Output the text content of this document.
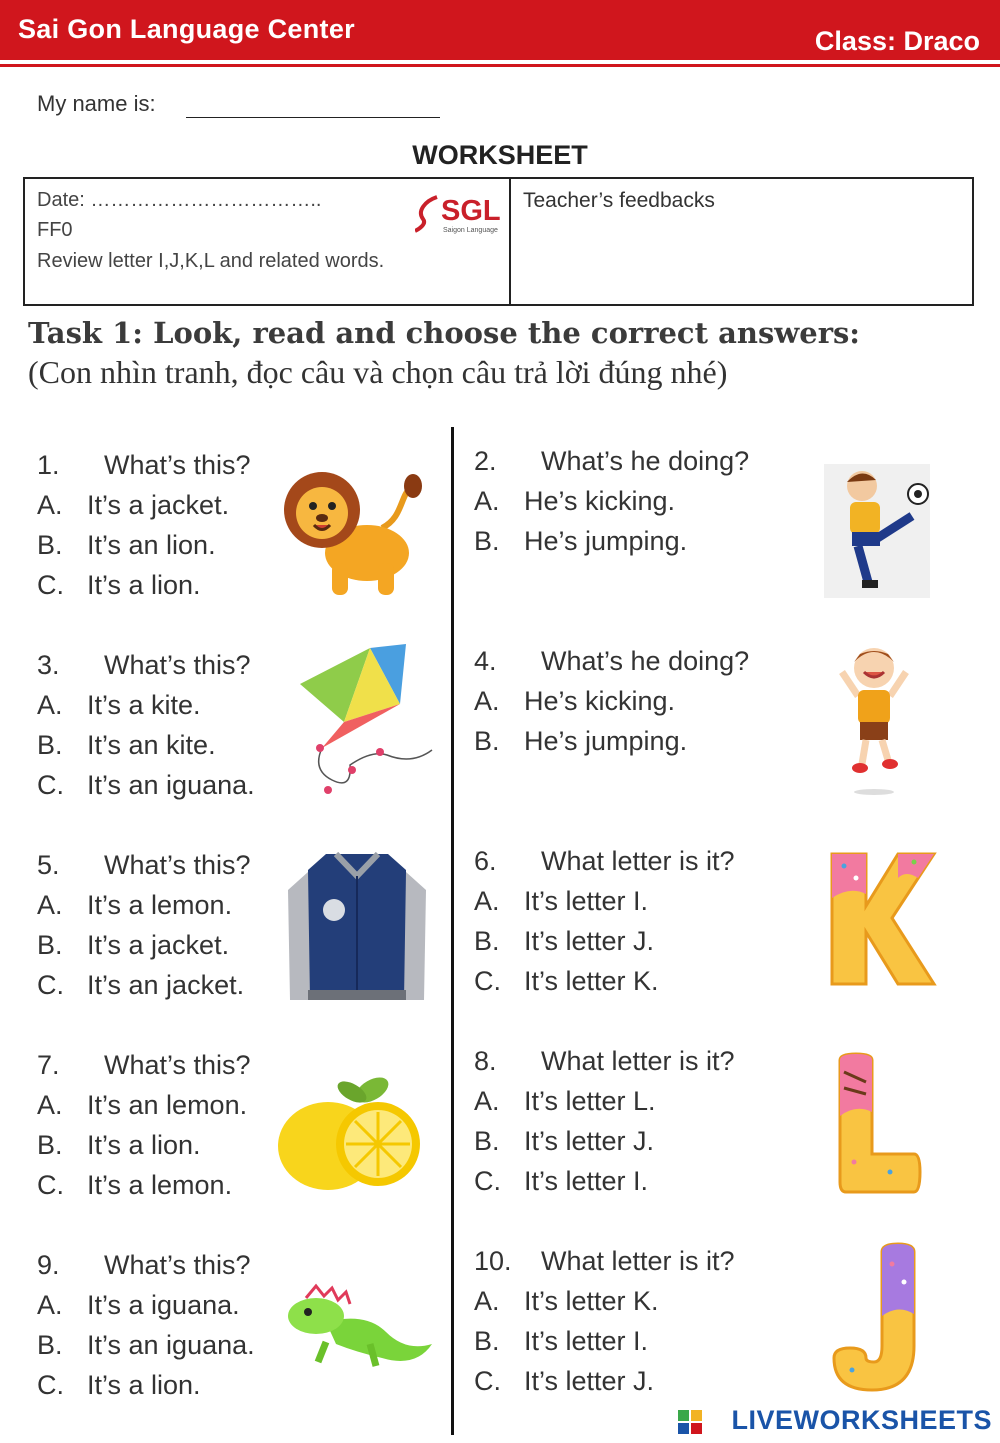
Sai Gon Language Center	Class: Draco
My name is:
WORKSHEET
Date: ……………………………..
FF0
Review letter I,J,K,L and related words.
SGL
Saigon Language
Teacher’s feedbacks
Task 1: Look, read and choose the correct answers:
(Con nhìn tranh, đọc câu và chọn câu trả lời đúng nhé)
1. What’s this?
A. It’s a jacket.
B. It’s an lion.
C. It’s a lion.
2. What’s he doing?
A. He’s kicking.
B. He’s jumping.
3. What’s this?
A. It’s a kite.
B. It’s an kite.
C. It’s an iguana.
4. What’s he doing?
A. He’s kicking.
B. He’s jumping.
5. What’s this?
A. It’s a lemon.
B. It’s a jacket.
C. It’s an jacket.
6. What letter is it?
A. It’s letter I.
B. It’s letter J.
C. It’s letter K.
7. What’s this?
A. It’s an lemon.
B. It’s a lion.
C. It’s a lemon.
8. What letter is it?
A. It’s letter L.
B. It’s letter J.
C. It’s letter I.
9. What’s this?
A. It’s a iguana.
B. It’s an iguana.
C. It’s a lion.
10. What letter is it?
A. It’s letter K.
B. It’s letter I.
C. It’s letter J.
LIVEWORKSHEETS
